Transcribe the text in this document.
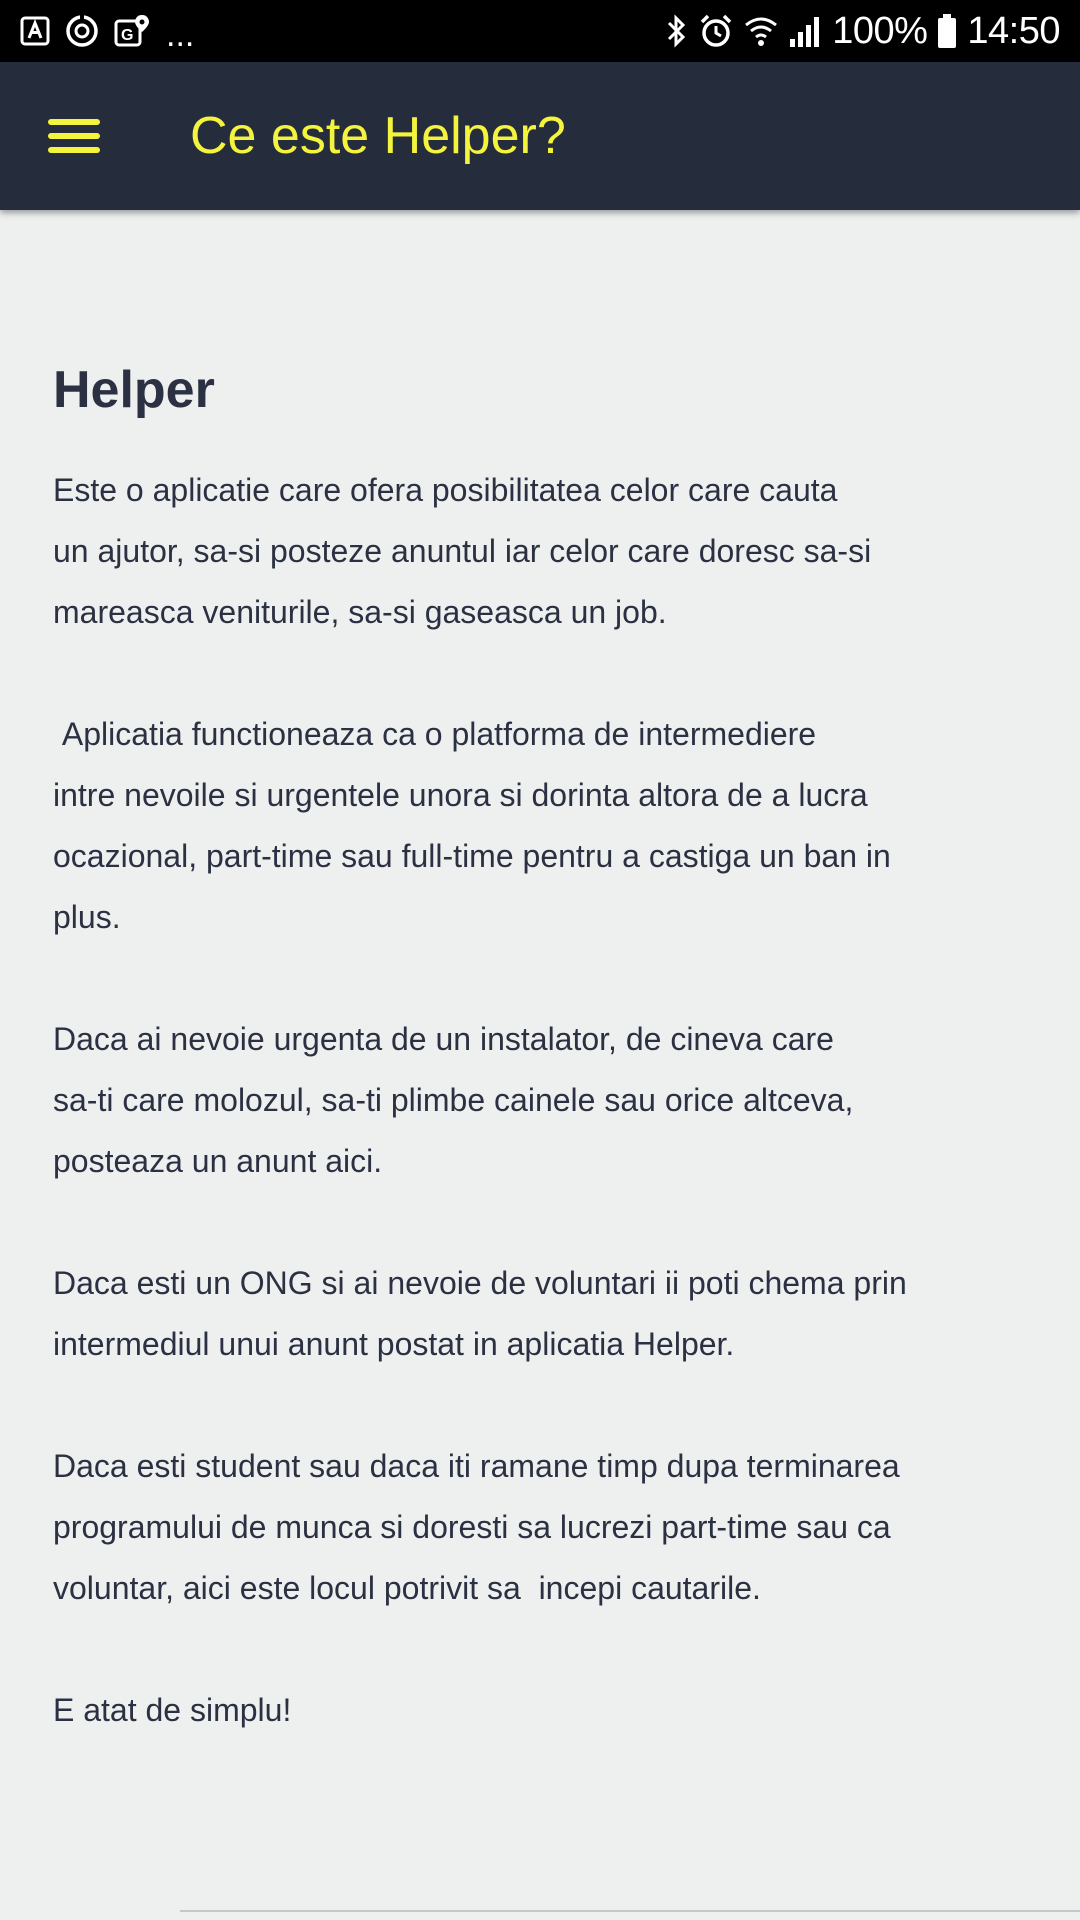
G ...	100% 14:50
Ce este Helper?
Helper

Este o aplicatie care ofera posibilitatea celor care cauta
un ajutor, sa-si posteze anuntul iar celor care doresc sa-si
mareasca veniturile, sa-si gaseasca un job.

Aplicatia functioneaza ca o platforma de intermediere
intre nevoile si urgentele unora si dorinta altora de a lucra
ocazional, part-time sau full-time pentru a castiga un ban in
plus.

Daca ai nevoie urgenta de un instalator, de cineva care
sa-ti care molozul, sa-ti plimbe cainele sau orice altceva,
posteaza un anunt aici.

Daca esti un ONG si ai nevoie de voluntari ii poti chema prin
intermediul unui anunt postat in aplicatia Helper.

Daca esti student sau daca iti ramane timp dupa terminarea
programului de munca si doresti sa lucrezi part-time sau ca
voluntar, aici este locul potrivit sa  incepi cautarile.

E atat de simplu!
